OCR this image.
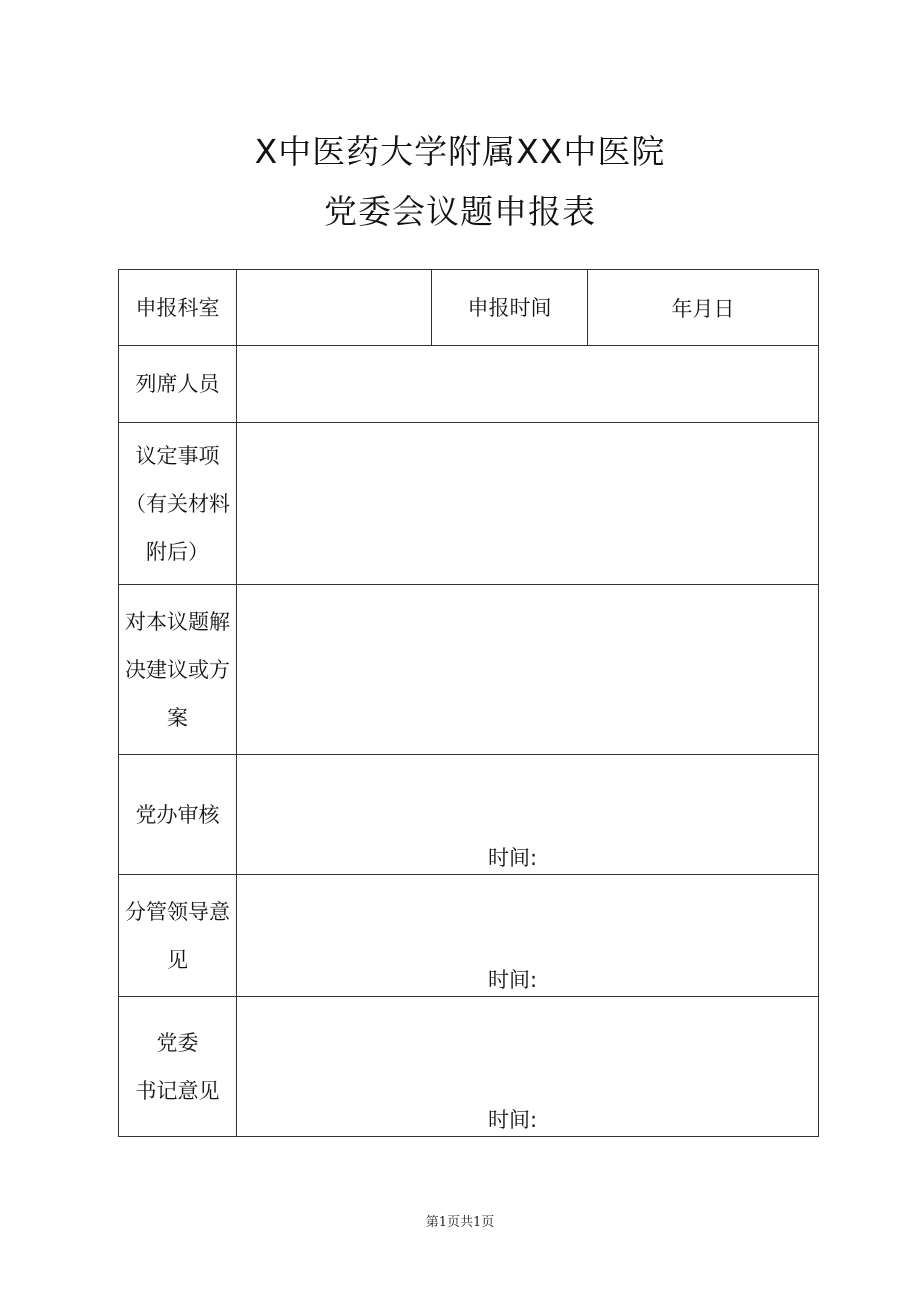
X中医药大学附属XX中医院
党委会议题申报表
申报科室		申报时间	年月日

列席人员			

议定事项
（有关材料
附后）			

对本议题解
决建议或方
案			

党办审核	时间:		

分管领导意
见	时间:		

党委
书记意见	时间:		
第1页共1页
